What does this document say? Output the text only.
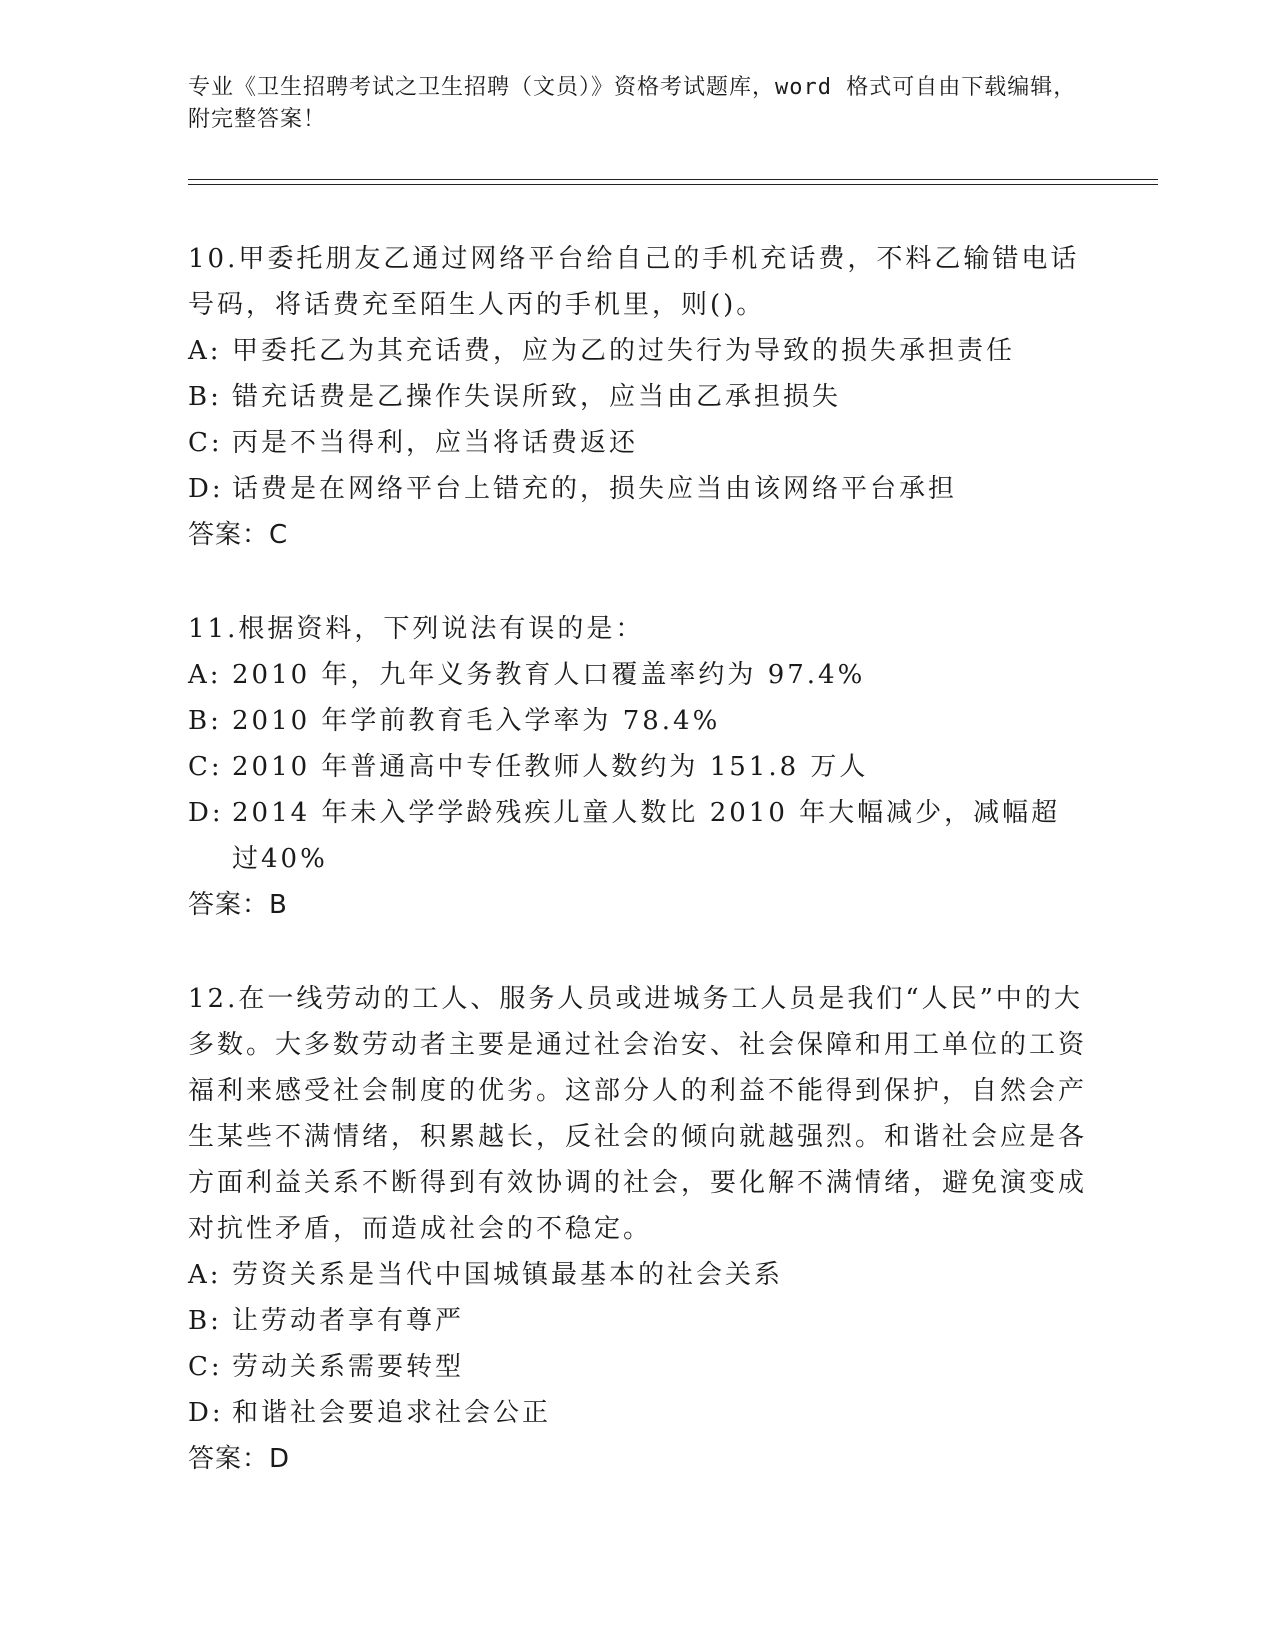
专业《卫生招聘考试之卫生招聘（文员）》资格考试题库，word 格式可自由下载编辑，附完整答案！
10.甲委托朋友乙通过网络平台给自己的手机充话费，不料乙输错电话号码，将话费充至陌生人丙的手机里，则()。
A: 甲委托乙为其充话费，应为乙的过失行为导致的损失承担责任
B: 错充话费是乙操作失误所致，应当由乙承担损失
C: 丙是不当得利，应当将话费返还
D: 话费是在网络平台上错充的，损失应当由该网络平台承担
答案：C
11.根据资料，下列说法有误的是：
A: 2010 年，九年义务教育人口覆盖率约为 97.4%
B: 2010 年学前教育毛入学率为 78.4%
C: 2010 年普通高中专任教师人数约为 151.8 万人
D: 2014 年未入学学龄残疾儿童人数比 2010 年大幅减少，减幅超过40%
答案：B
12.在一线劳动的工人、服务人员或进城务工人员是我们“人民”中的大多数。大多数劳动者主要是通过社会治安、社会保障和用工单位的工资福利来感受社会制度的优劣。这部分人的利益不能得到保护，自然会产生某些不满情绪，积累越长，反社会的倾向就越强烈。和谐社会应是各方面利益关系不断得到有效协调的社会，要化解不满情绪，避免演变成对抗性矛盾，而造成社会的不稳定。
A: 劳资关系是当代中国城镇最基本的社会关系
B: 让劳动者享有尊严
C: 劳动关系需要转型
D: 和谐社会要追求社会公正
答案：D
